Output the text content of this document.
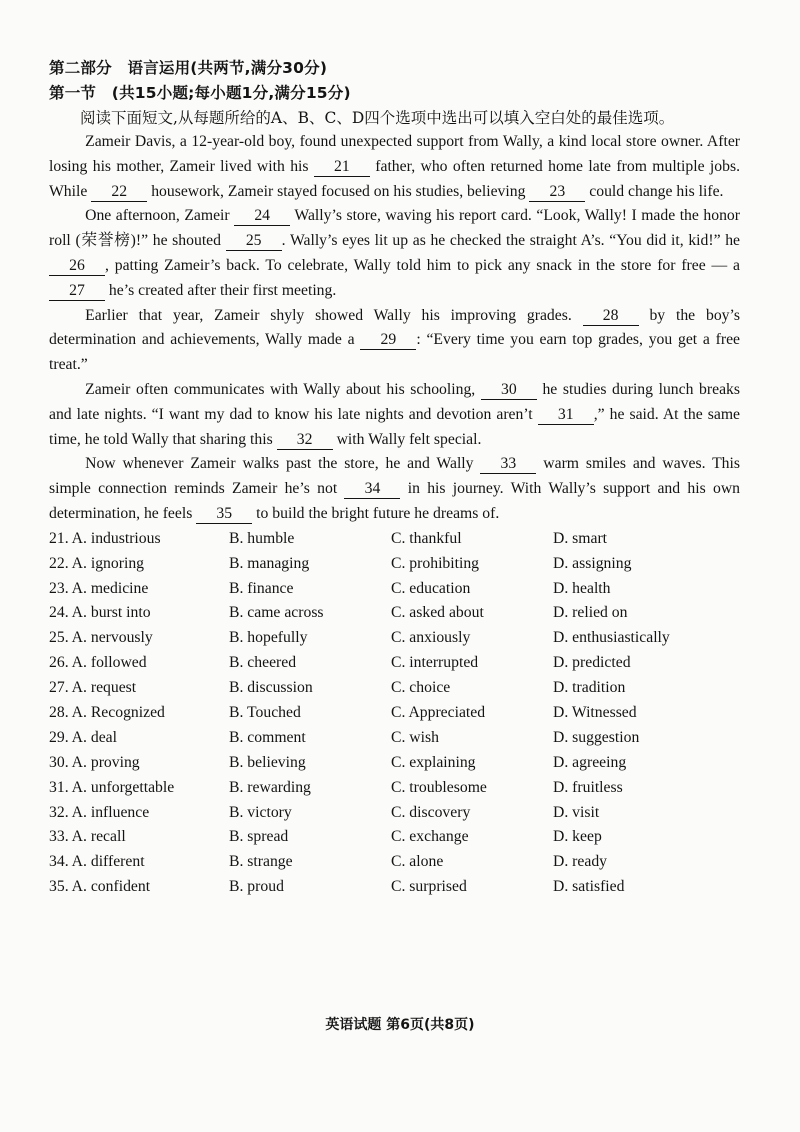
第二部分　语言运用(共两节,满分30分)
第一节　(共15小题;每小题1分,满分15分)

阅读下面短文,从每题所给的A、B、C、D四个选项中选出可以填入空白处的最佳选项。

Zameir Davis, a 12-year-old boy, found unexpected support from Wally, a kind local store owner. After losing his mother, Zameir lived with his 21 father, who often returned home late from multiple jobs. While 22 housework, Zameir stayed focused on his studies, believing 23 could change his life.

One afternoon, Zameir 24 Wally’s store, waving his report card. “Look, Wally! I made the honor roll (荣誉榜)!” he shouted 25 . Wally’s eyes lit up as he checked the straight A’s. “You did it, kid!” he 26 , patting Zameir’s back. To celebrate, Wally told him to pick any snack in the store for free — a 27 he’s created after their first meeting.

Earlier that year, Zameir shyly showed Wally his improving grades. 28 by the boy’s determination and achievements, Wally made a 29 : “Every time you earn top grades, you get a free treat.”

Zameir often communicates with Wally about his schooling, 30 he studies during lunch breaks and late nights. “I want my dad to know his late nights and devotion aren’t 31 ,” he said. At the same time, he told Wally that sharing this 32 with Wally felt special.

Now whenever Zameir walks past the store, he and Wally 33 warm smiles and waves. This simple connection reminds Zameir he’s not 34 in his journey. With Wally’s support and his own determination, he feels 35 to build the bright future he dreams of.

21. A. industrious	B. humble	C. thankful	D. smart
22. A. ignoring	B. managing	C. prohibiting	D. assigning
23. A. medicine	B. finance	C. education	D. health
24. A. burst into	B. came across	C. asked about	D. relied on
25. A. nervously	B. hopefully	C. anxiously	D. enthusiastically
26. A. followed	B. cheered	C. interrupted	D. predicted
27. A. request	B. discussion	C. choice	D. tradition
28. A. Recognized	B. Touched	C. Appreciated	D. Witnessed
29. A. deal	B. comment	C. wish	D. suggestion
30. A. proving	B. believing	C. explaining	D. agreeing
31. A. unforgettable	B. rewarding	C. troublesome	D. fruitless
32. A. influence	B. victory	C. discovery	D. visit
33. A. recall	B. spread	C. exchange	D. keep
34. A. different	B. strange	C. alone	D. ready
35. A. confident	B. proud	C. surprised	D. satisfied
英语试题 第6页(共8页)
